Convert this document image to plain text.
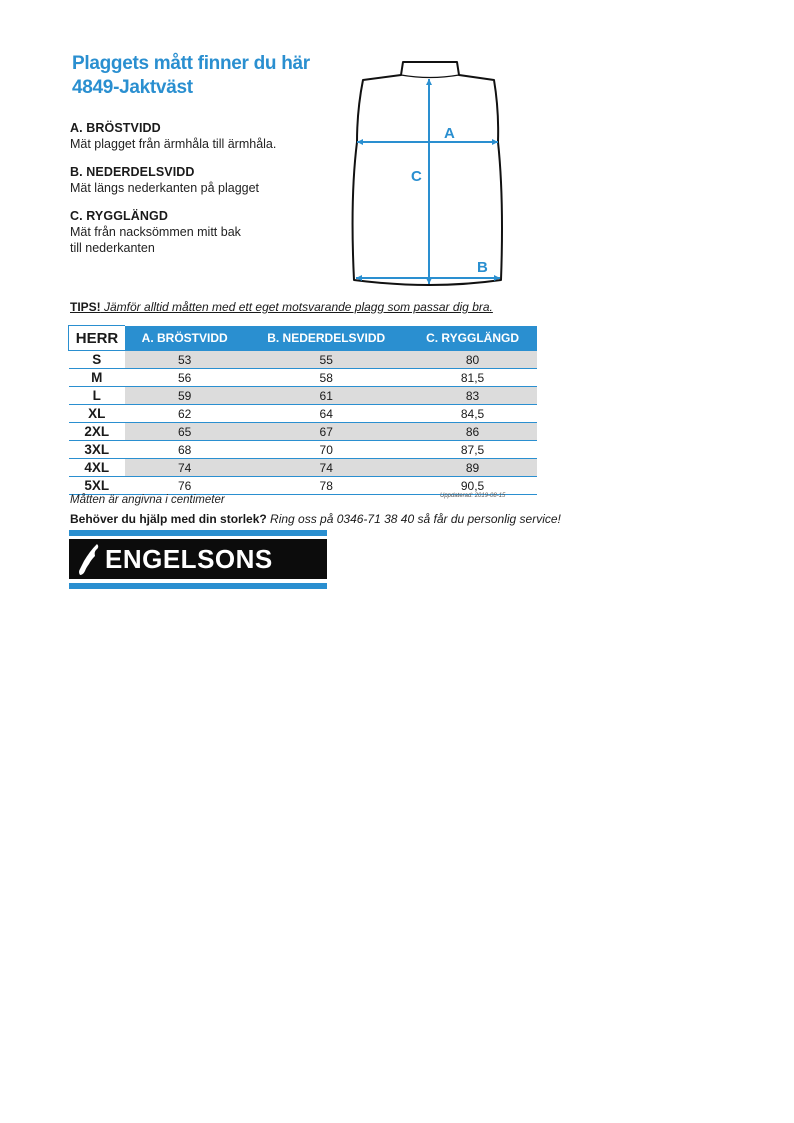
Plaggets mått finner du här
4849-Jaktväst

A. BRÖSTVIDD

Mät plagget från ärmhåla till ärmhåla.

B. NEDERDELSVIDD

Mät längs nederkanten på plagget

C. RYGGLÄNGD

Mät från nacksömmen mitt bak

till nederkanten

A
C
B
TIPS! Jämför alltid måtten med ett eget motsvarande plagg som passar dig bra.
HERR	A. BRÖSTVIDD	B. NEDERDELSVIDD	C. RYGGLÄNGD
S	53	55	80
M	56	58	81,5
L	59	61	83
XL	62	64	84,5
2XL	65	67	86
3XL	68	70	87,5
4XL	74	74	89
5XL	76	78	90,5
Måtten är angivna i centimeter	Uppdaterad: 2019-08-15
Behöver du hjälp med din storlek? Ring oss på 0346-71 38 40 så får du personlig service!
ENGELSONS
